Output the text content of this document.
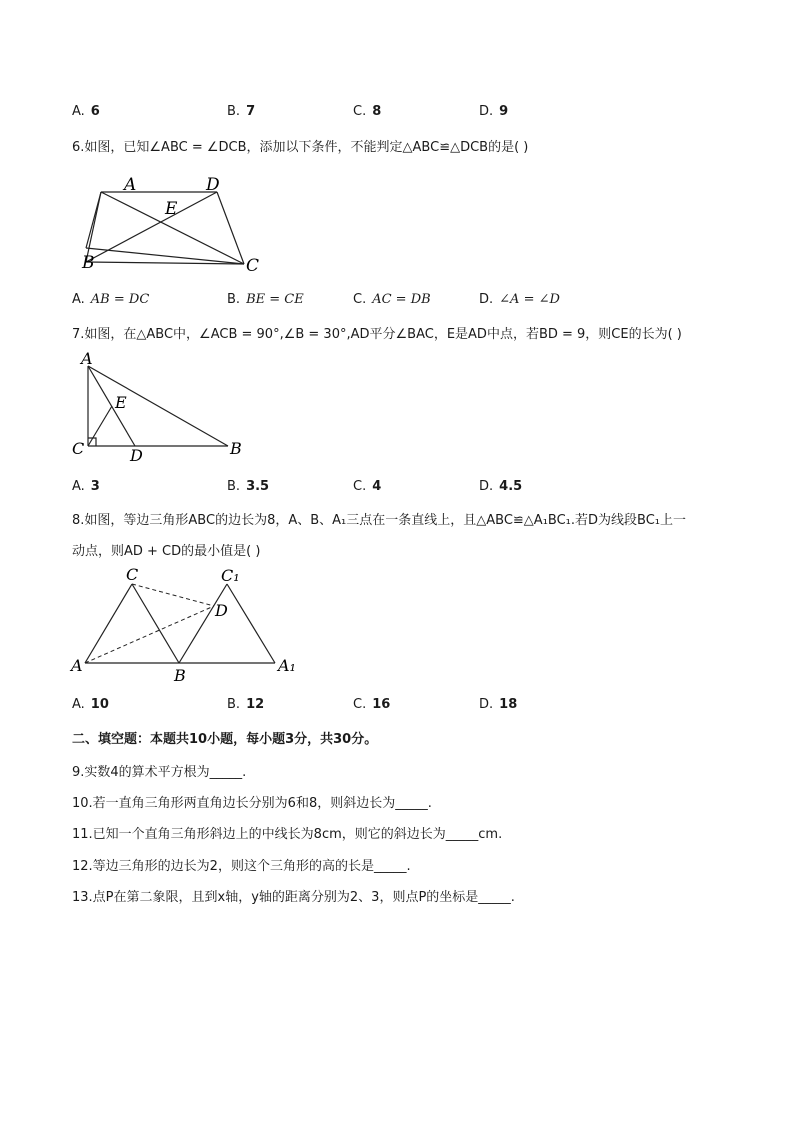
A. 6	B. 7	C. 8	D. 9
6.如图，已知∠ABC = ∠DCB，添加以下条件，不能判定△ABC≌△DCB的是( )
A	D
E
B	C
A. AB = DC	B. BE = CE	C. AC = DB	D. ∠A = ∠D
7.如图，在△ABC中，∠ACB = 90°,∠B = 30°,AD平分∠BAC，E是AD中点，若BD = 9，则CE的长为( )
A
E
C	D	B
A. 3	B. 3.5	C. 4	D. 4.5
8.如图，等边三角形ABC的边长为8，A、B、A₁三点在一条直线上，且△ABC≌△A₁BC₁.若D为线段BC₁上一
动点，则AD + CD的最小值是( )
C	C₁
D
A
B
A₁
A. 10	B. 12	C. 16	D. 18
二、填空题：本题共10小题，每小题3分，共30分。
9.实数4的算术平方根为_____.
10.若一直角三角形两直角边长分别为6和8，则斜边长为_____.
11.已知一个直角三角形斜边上的中线长为8cm，则它的斜边长为_____cm.
12.等边三角形的边长为2，则这个三角形的高的长是_____.
13.点P在第二象限，且到x轴，y轴的距离分别为2、3，则点P的坐标是_____.
